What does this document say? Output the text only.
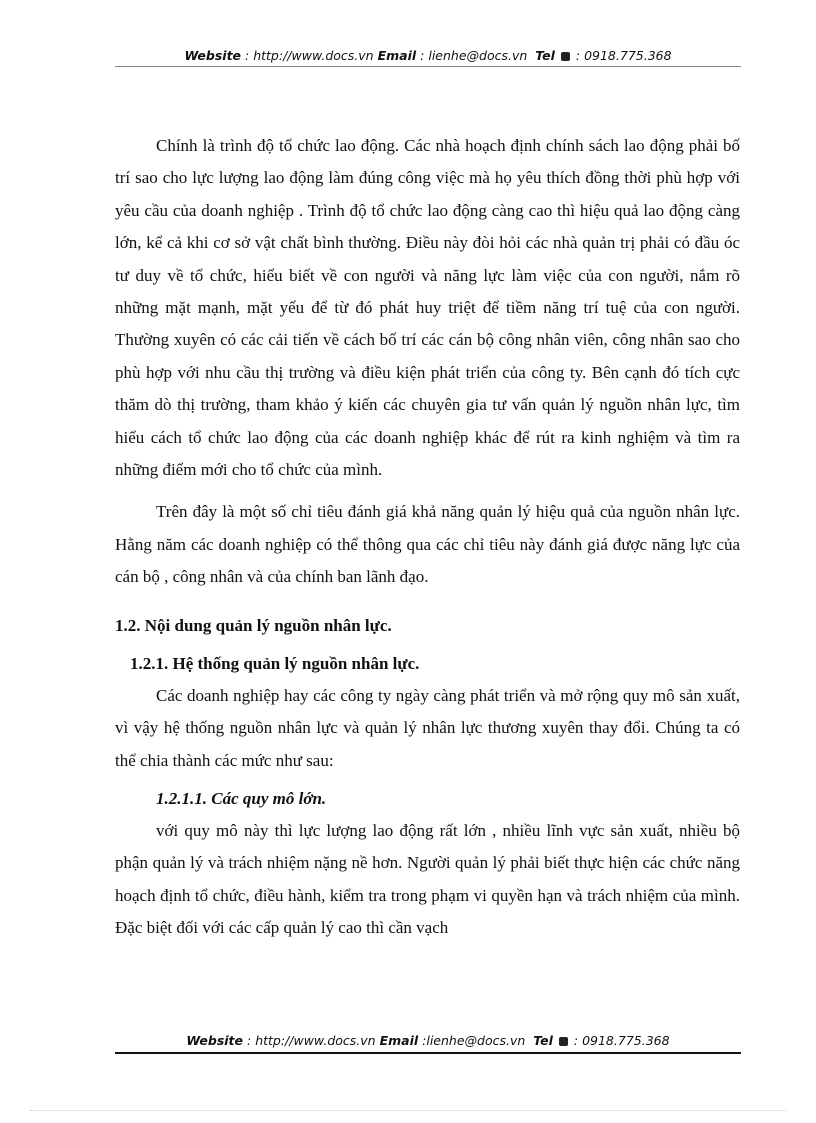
Website : http://www.docs.vn Email : lienhe@docs.vn Tel  : 0918.775.368

Chính là trình độ tổ chức lao động. Các nhà hoạch định chính sách lao động phải bố trí sao cho lực lượng lao động làm đúng công việc mà họ yêu thích đồng thời phù hợp với yêu cầu của doanh nghiệp . Trình độ tổ chức lao động càng cao thì hiệu quả lao động càng lớn, kể cả khi cơ sở vật chất bình thường. Điều này đòi hỏi các nhà quản trị phải có đầu óc tư duy về tổ chức, hiểu biết về con người và năng lực làm việc của con người, nắm rõ những mặt mạnh, mặt yếu để từ đó phát huy triệt để tiềm năng trí tuệ của con người. Thường xuyên có các cải tiến về cách bố trí các cán bộ công nhân viên, công nhân sao cho phù hợp với nhu cầu thị trường và điều kiện phát triển của công ty. Bên cạnh đó tích cực thăm dò thị trường, tham khảo ý kiến các chuyên gia tư vấn quản lý nguồn nhân lực, tìm hiểu cách tổ chức lao động của các doanh nghiệp khác để rút ra kinh nghiệm và tìm ra những điểm mới cho tổ chức của mình.

Trên đây là một số chỉ tiêu đánh giá khả năng quản lý hiệu quả của nguồn nhân lực. Hằng năm các doanh nghiệp có thể thông qua các chỉ tiêu này đánh giá được năng lực của cán bộ , công nhân và của chính ban lãnh đạo.

1.2. Nội dung quản lý nguồn nhân lực.
1.2.1. Hệ thống quản lý nguồn nhân lực.

Các doanh nghiệp hay các công ty ngày càng phát triển và mở rộng quy mô sản xuất, vì vậy hệ thống nguồn nhân lực và quản lý nhân lực thương xuyên thay đổi. Chúng ta có thể chia thành các mức như sau:

1.2.1.1. Các quy mô lớn.

với quy mô này thì lực lượng lao động rất lớn , nhiều lĩnh vực sản xuất, nhiều bộ phận quản lý và trách nhiệm nặng nề hơn. Người quản lý phải biết thực hiện các chức năng hoạch định tổ chức, điều hành, kiểm tra trong phạm vi quyền hạn và trách nhiệm của mình. Đặc biệt đối với các cấp quản lý cao thì cần vạch

Website : http://www.docs.vn Email :lienhe@docs.vn Tel  : 0918.775.368
